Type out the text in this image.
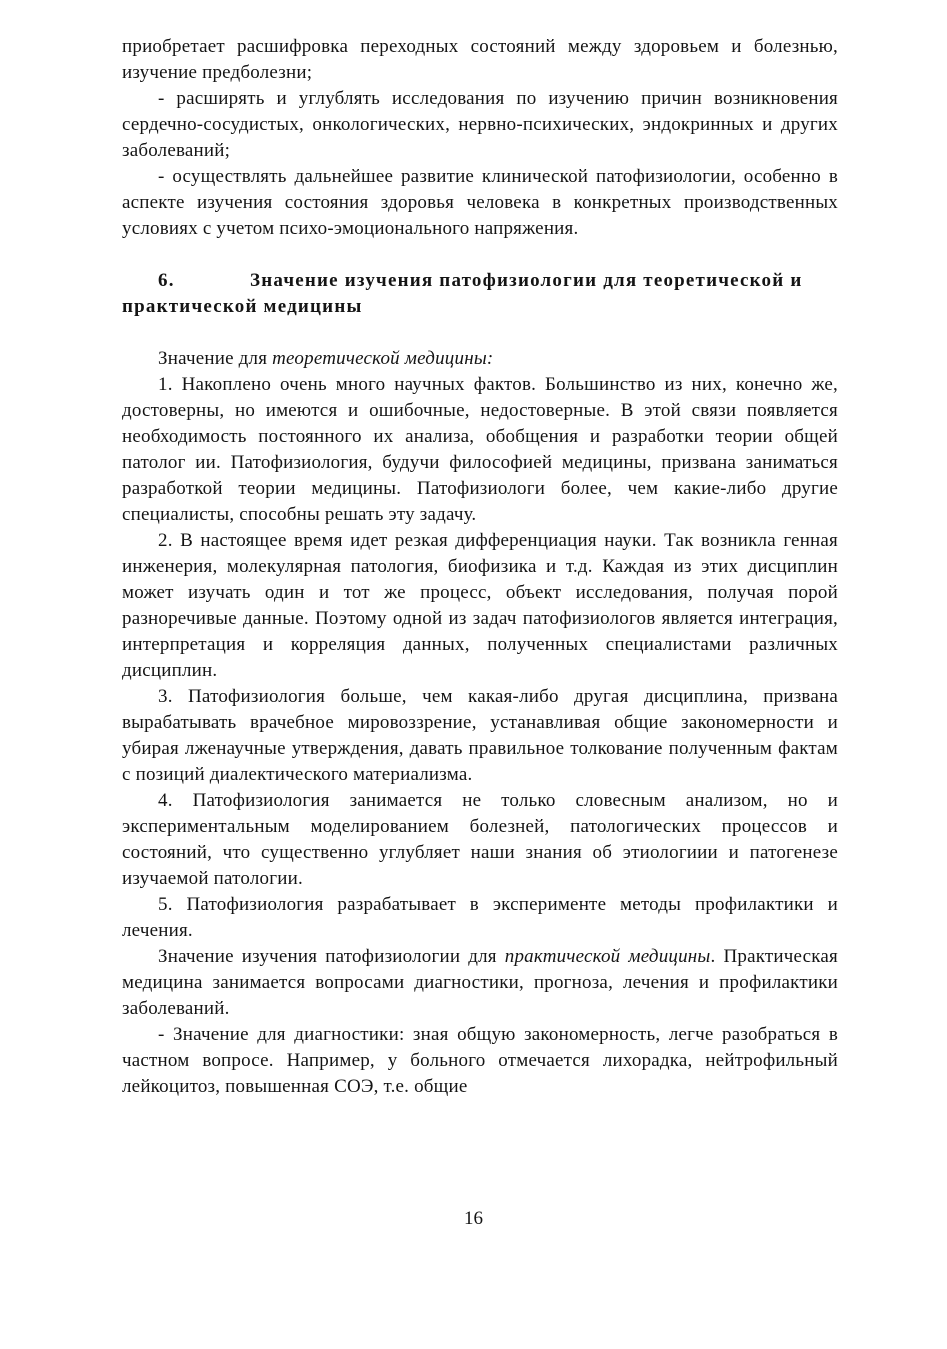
приобретает расшифровка переходных состояний между здоровьем и болезнью, изучение предболезни;

- расширять и углублять исследования по изучению причин возникновения сердечно-сосудистых, онкологических, нервно-психических, эндокринных и других заболеваний;

- осуществлять дальнейшее развитие клинической патофизиологии, особенно в аспекте изучения состояния здоровья человека в конкретных производственных условиях с учетом психо-эмоционального напряжения.

6.	Значение изучения патофизиологии для теоретической и практической медицины

Значение для теоретической медицины:

1. Накоплено очень много научных фактов. Большинство из них, конечно же, достоверны, но имеются и ошибочные, недостоверные. В этой связи появляется необходимость постоянного их анализа, обобщения и разработки теории общей патолог ии. Патофизиология, будучи философией медицины, призвана заниматься разработкой теории медицины. Патофизиологи более, чем какие-либо другие специалисты, способны решать эту задачу.

2. В настоящее время идет резкая дифференциация науки. Так возникла генная инженерия, молекулярная патология, биофизика и т.д. Каждая из этих дисциплин может изучать один и тот же процесс, объект исследования, получая порой разноречивые данные. Поэтому одной из задач патофизиологов является интеграция, интерпретация и корреляция данных, полученных специалистами различных дисциплин.

3. Патофизиология больше, чем какая-либо другая дисциплина, призвана вырабатывать врачебное мировоззрение, устанавливая общие закономерности и убирая лженаучные утверждения, давать правильное толкование полученным фактам с позиций диалектического материализма.

4. Патофизиология занимается не только словесным анализом, но и экспериментальным моделированием болезней, патологических процессов и состояний, что существенно углубляет наши знания об этиологиии и патогенезе изучаемой патологии.

5. Патофизиология разрабатывает в эксперименте методы профилактики и лечения.

Значение изучения патофизиологии для практической медицины. Практическая медицина занимается вопросами диагностики, прогноза, лечения и профилактики заболеваний.

- Значение для диагностики: зная общую закономерность, легче разобраться в частном вопросе. Например, у больного отмечается лихорадка, нейтрофильный лейкоцитоз, повышенная СОЭ, т.е. общие

16
